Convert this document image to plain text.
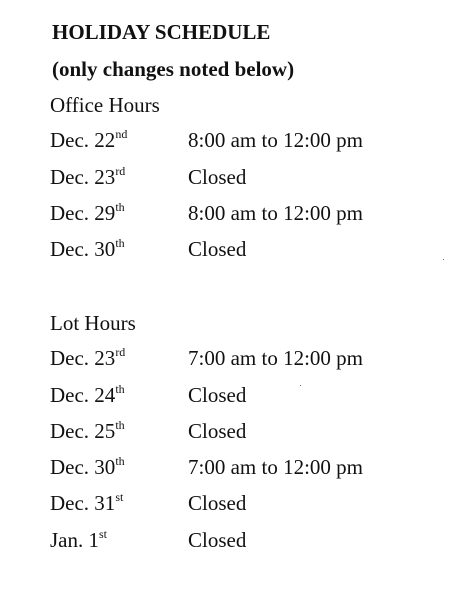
HOLIDAY SCHEDULE
(only changes noted below)
Office Hours
Dec. 22nd	8:00 am to 12:00 pm
Dec. 23rd	Closed
Dec. 29th	8:00 am to 12:00 pm
Dec. 30th	Closed
Lot Hours
Dec. 23rd	7:00 am to 12:00 pm
Dec. 24th	Closed
Dec. 25th	Closed
Dec. 30th	7:00 am to 12:00 pm
Dec. 31st	Closed
Jan. 1st	Closed
